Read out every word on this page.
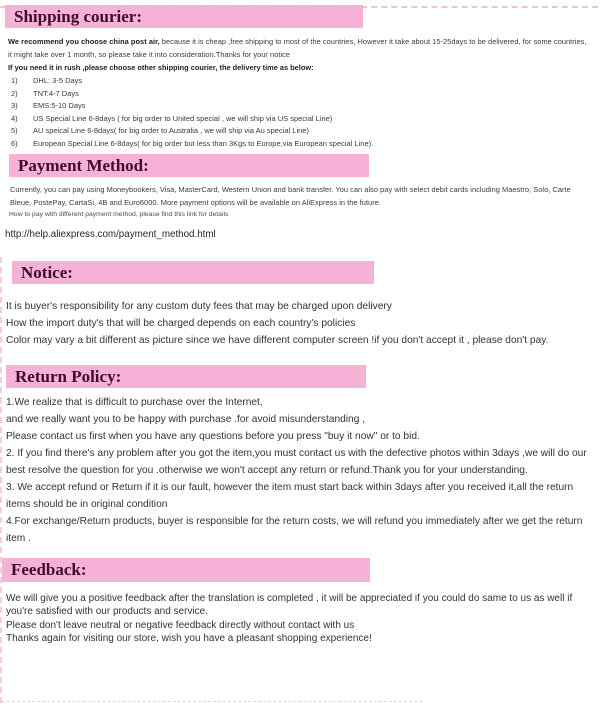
Shipping courier:
We recommend you choose china post air, because it is cheap ,free shipping to most of the countries, However it take about 15-25days to be delivered, for some countries, it might take over 1 month, so please take it into consideration.Thanks for your notice
If you need it in rush ,please choose other shipping courier, the delivery time as below:
1)	DHL: 3-5 Days
2)	TNT:4-7 Days
3)	EMS:5-10 Days
4)	US Special Line 6-8days ( for big order to United special , we will ship via US special Line)
5)	AU speical Line 6-8days( for big order to Australia , we will ship via Au special Line)
6)	European Special Line 6-8days( for big order but less than 3Kgs to Europe,via European special Line).
Payment Method:
Currently, you can pay using Moneybookers, Visa, MasterCard, Western Union and bank transfer. You can also pay with select debit cards including Maestro, Solo, Carte Bleue, PostePay, CartaSi, 4B and Euro6000. More payment options will be available on AliExpress in the future.
How to pay with different payment method, please find this link for details
http://help.aliexpress.com/payment_method.html
Notice:
It is buyer's responsibility for any custom duty fees that may be charged upon delivery
How the import duty's that will be charged depends on each country's policies
Color may vary a bit different as picture since we have different computer screen !if you don't accept it , please don't pay.
Return Policy:
1.We realize that is difficult to purchase over the Internet,
and we really want you to be happy with purchase .for avoid misunderstanding ,
Please contact us first when you have any questions before you press "buy it now" or to bid.
2. If you find there's any problem after you got the item,you must contact us with the defective photos within 3days ,we will do our best resolve the question for you .otherwise we won't accept any return or refund.Thank you for your understanding.
3. We accept refund or Return if it is our fault, however the item must start back within 3days after you received it,all the return items should be in original condition
4.For exchange/Return products, buyer is responsible for the return costs, we will refund you immediately after we get the return item .
Feedback:
We will give you a positive feedback after the translation is completed , it will be appreciated if you could do same to us as well if you're satisfied with our products and service.
Please don't leave neutral or negative feedback directly without contact with us
Thanks again for visiting our store, wish you have a pleasant shopping experience!
